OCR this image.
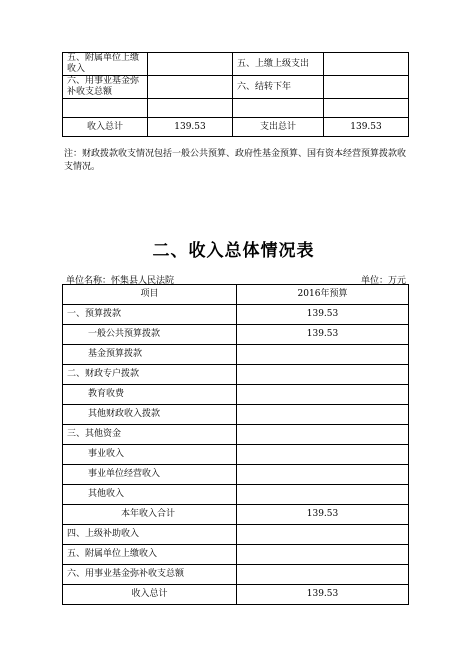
五、附属单位上缴收入		五、上缴上级支出	
六、用事业基金弥补收支总额		六、结转下年	

收入总计	139.53	支出总计	139.53
注：财政拨款收支情况包括一般公共预算、政府性基金预算、国有资本经营预算拨款收支情况。
二、收入总体情况表
单位名称：怀集县人民法院	单位：万元
项目	2016年预算
一、预算拨款	139.53
一般公共预算拨款	139.53
基金预算拨款	
二、财政专户拨款	
教育收费	
其他财政收入拨款	
三、其他资金	
事业收入	
事业单位经营收入	
其他收入	
本年收入合计	139.53
四、上级补助收入	
五、附属单位上缴收入	
六、用事业基金弥补收支总额	
收入总计	139.53
